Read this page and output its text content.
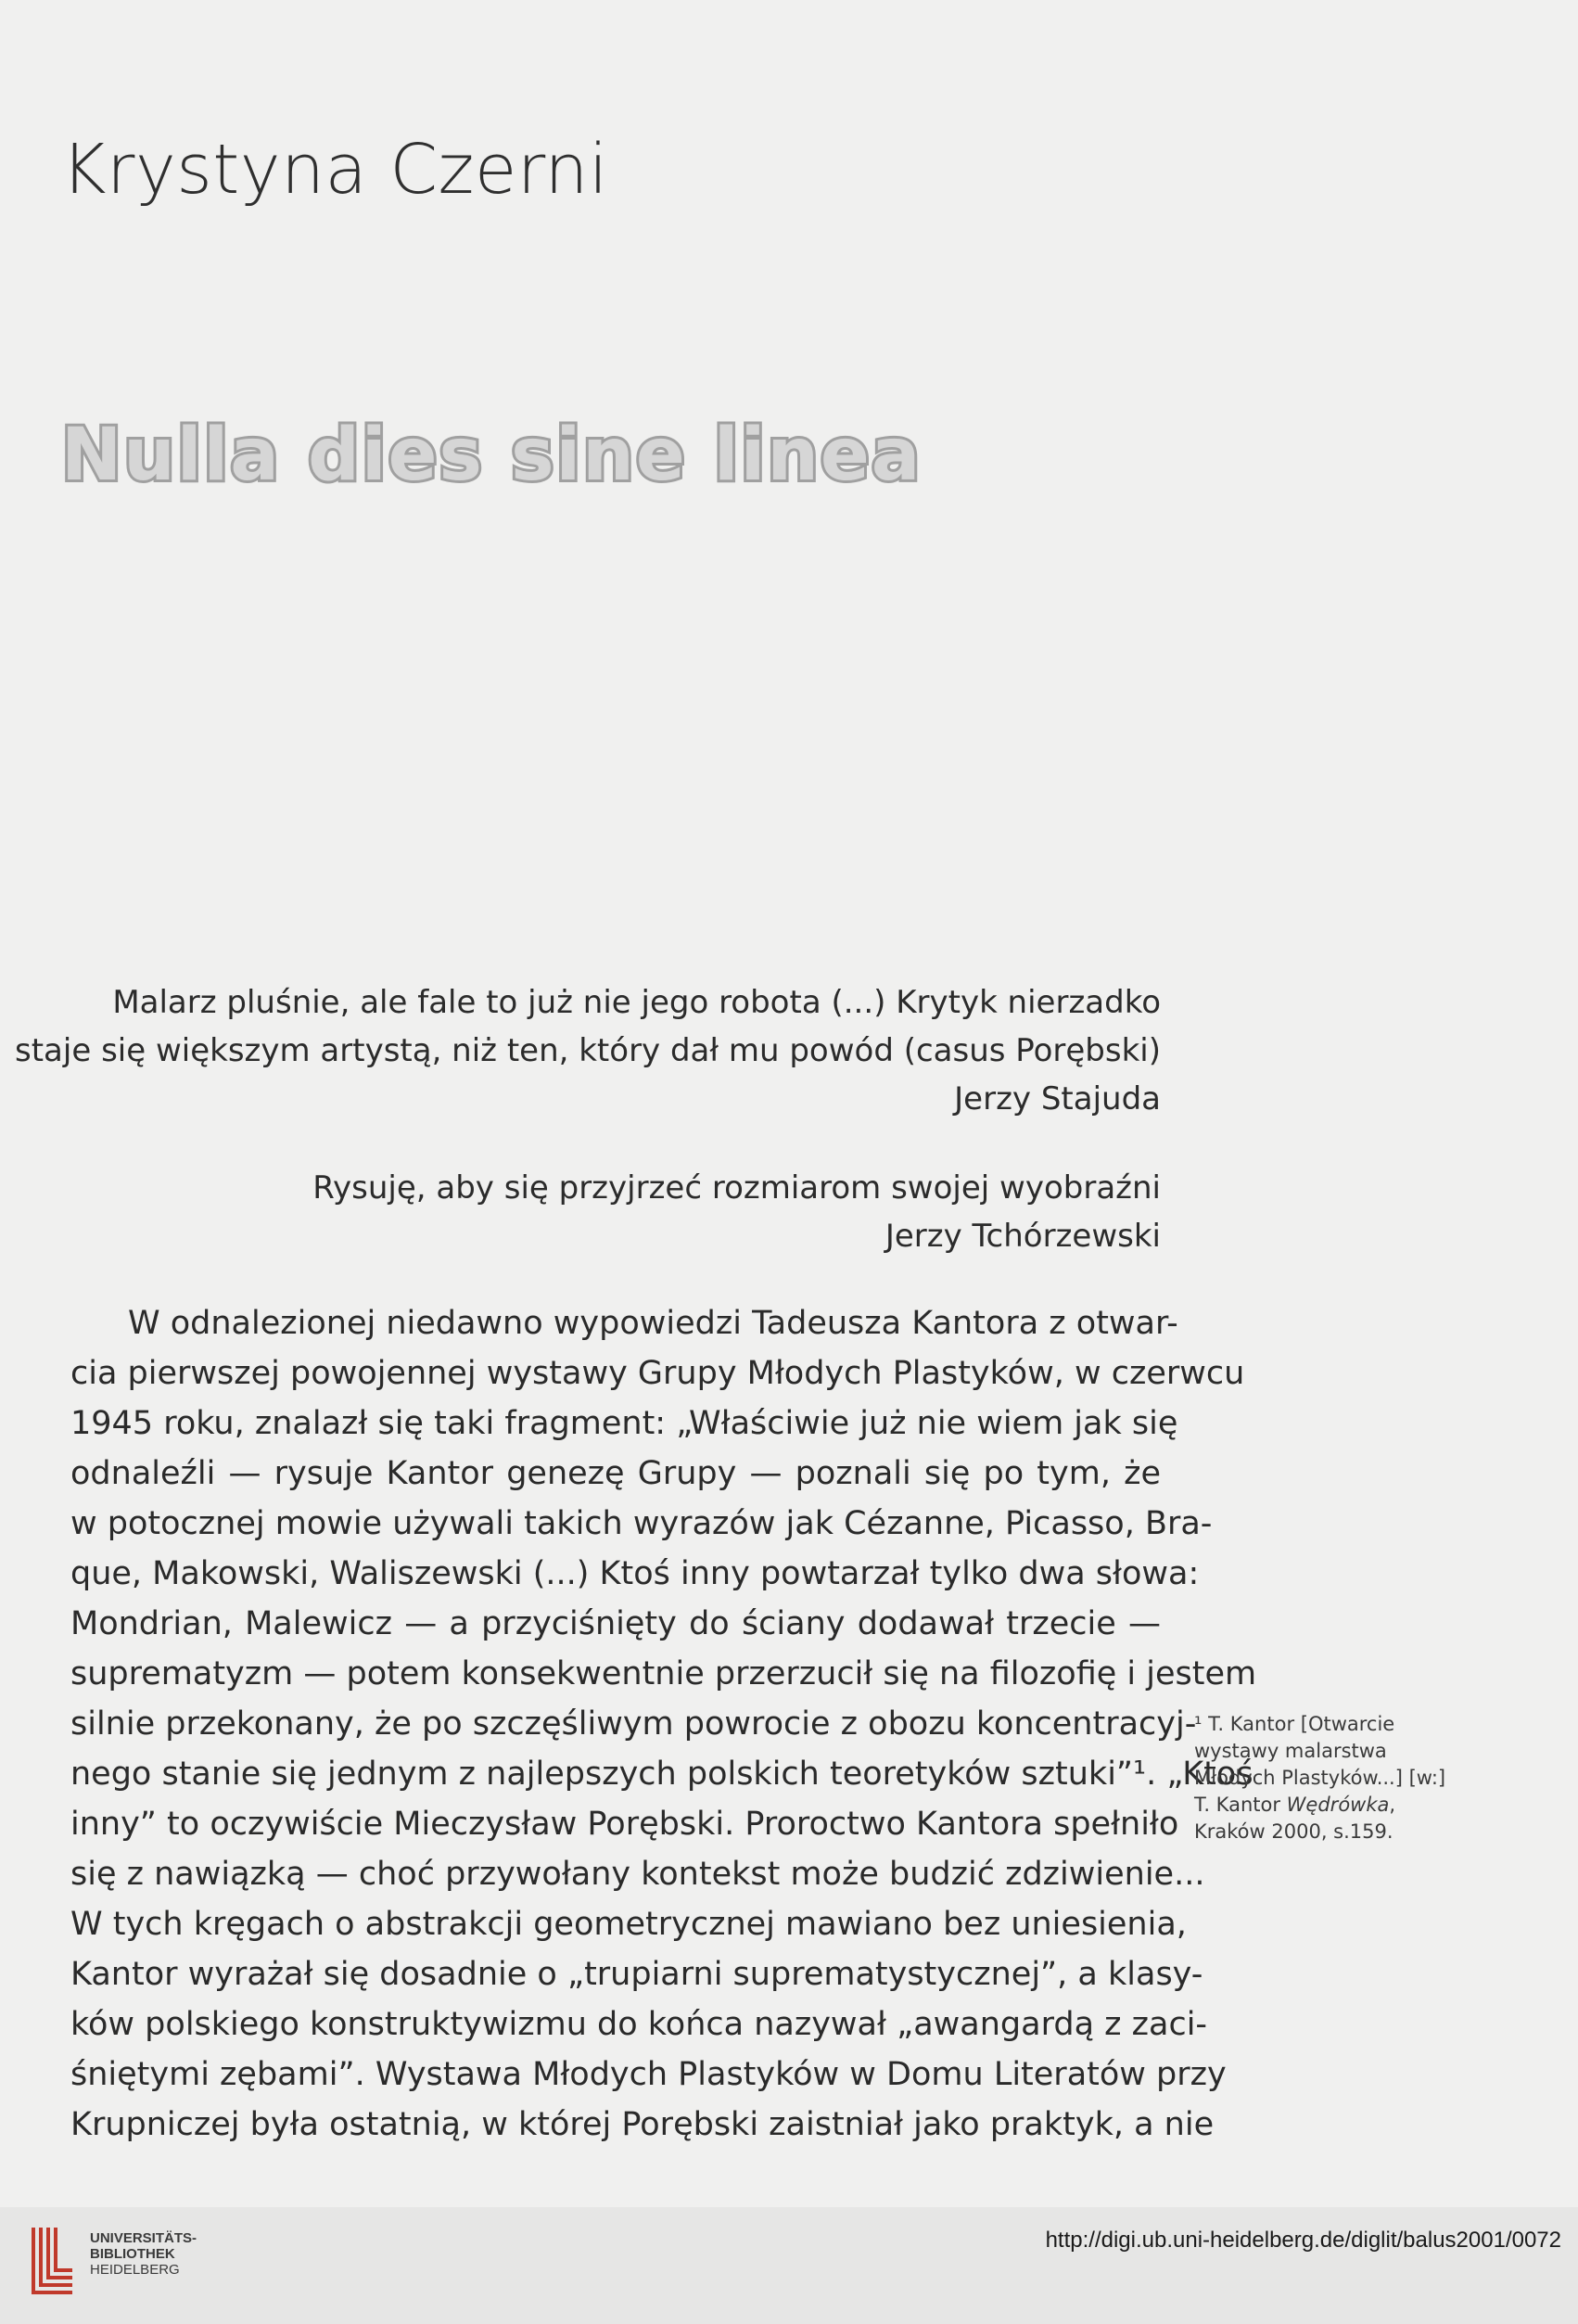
Krystyna Czerni
Nulla dies sine linea

Malarz pluśnie, ale fale to już nie jego robota (...) Krytyk nierzadko

staje się większym artystą, niż ten, który dał mu powód (casus Porębski)

Jerzy Stajuda

Rysuję, aby się przyjrzeć rozmiarom swojej wyobraźni

Jerzy Tchórzewski

W odnalezionej niedawno wypowiedzi Tadeusza Kantora z otwar-
cia pierwszej powojennej wystawy Grupy Młodych Plastyków, w czerwcu
1945 roku, znalazł się taki fragment: „Właściwie już nie wiem jak się
odnaleźli — rysuje Kantor genezę Grupy — poznali się po tym, że
w potocznej mowie używali takich wyrazów jak Cézanne, Picasso, Bra-
que, Makowski, Waliszewski (...) Ktoś inny powtarzał tylko dwa słowa:
Mondrian, Malewicz — a przyciśnięty do ściany dodawał trzecie —
suprematyzm — potem konsekwentnie przerzucił się na filozofię i jestem
silnie przekonany, że po szczęśliwym powrocie z obozu koncentracyj-
nego stanie się jednym z najlepszych polskich teoretyków sztuki”¹. „Ktoś
inny” to oczywiście Mieczysław Porębski. Proroctwo Kantora spełniło
się z nawiązką — choć przywołany kontekst może budzić zdziwienie...
W tych kręgach o abstrakcji geometrycznej mawiano bez uniesienia,
Kantor wyrażał się dosadnie o „trupiarni suprematystycznej”, a klasy-
ków polskiego konstruktywizmu do końca nazywał „awangardą z zaci-
śniętymi zębami”. Wystawa Młodych Plastyków w Domu Literatów przy
Krupniczej była ostatnią, w której Porębski zaistniał jako praktyk, a nie

¹ T. Kantor [Otwarcie wystawy malarstwa Młodych Plastyków...] [w:] T. Kantor Wędrówka, Kraków 2000, s.159.

UNIVERSITÄTS-
BIBLIOTHEK
HEIDELBERG
http://digi.ub.uni-heidelberg.de/diglit/balus2001/0072
